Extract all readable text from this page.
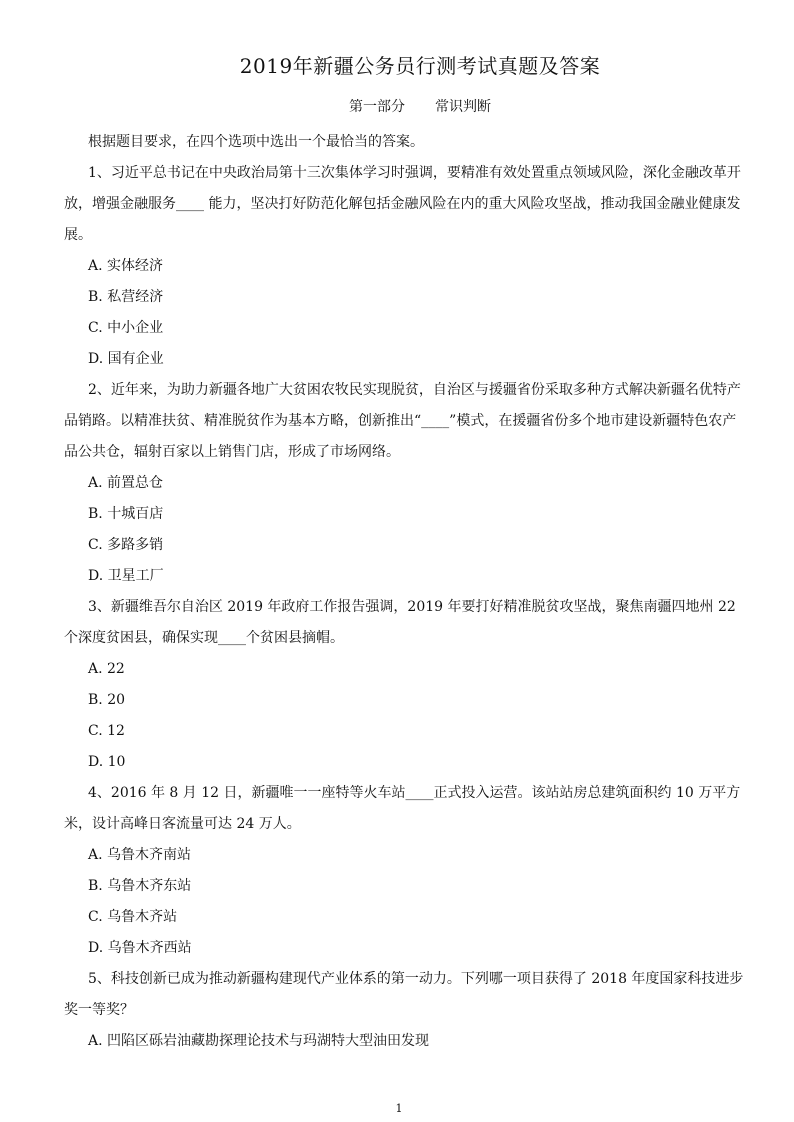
2019年新疆公务员行测考试真题及答案
第一部分 常识判断

根据题目要求，在四个选项中选出一个最恰当的答案。

1、习近平总书记在中央政治局第十三次集体学习时强调，要精准有效处置重点领域风险，深化金融改革开放，增强金融服务____ 能力，坚决打好防范化解包括金融风险在内的重大风险攻坚战，推动我国金融业健康发展。

A. 实体经济

B. 私营经济

C. 中小企业

D. 国有企业

2、近年来，为助力新疆各地广大贫困农牧民实现脱贫，自治区与援疆省份采取多种方式解决新疆名优特产品销路。以精准扶贫、精准脱贫作为基本方略，创新推出“____”模式，在援疆省份多个地市建设新疆特色农产品公共仓，辐射百家以上销售门店，形成了市场网络。

A. 前置总仓

B. 十城百店

C. 多路多销

D. 卫星工厂

3、新疆维吾尔自治区 2019 年政府工作报告强调，2019 年要打好精准脱贫攻坚战，聚焦南疆四地州 22 个深度贫困县，确保实现____个贫困县摘帽。

A. 22

B. 20

C. 12

D. 10

4、2016 年 8 月 12 日，新疆唯一一座特等火车站____正式投入运营。该站站房总建筑面积约 10 万平方米，设计高峰日客流量可达 24 万人。

A. 乌鲁木齐南站

B. 乌鲁木齐东站

C. 乌鲁木齐站

D. 乌鲁木齐西站

5、科技创新已成为推动新疆构建现代产业体系的第一动力。下列哪一项目获得了 2018 年度国家科技进步奖一等奖？

A. 凹陷区砾岩油藏勘探理论技术与玛湖特大型油田发现

1
